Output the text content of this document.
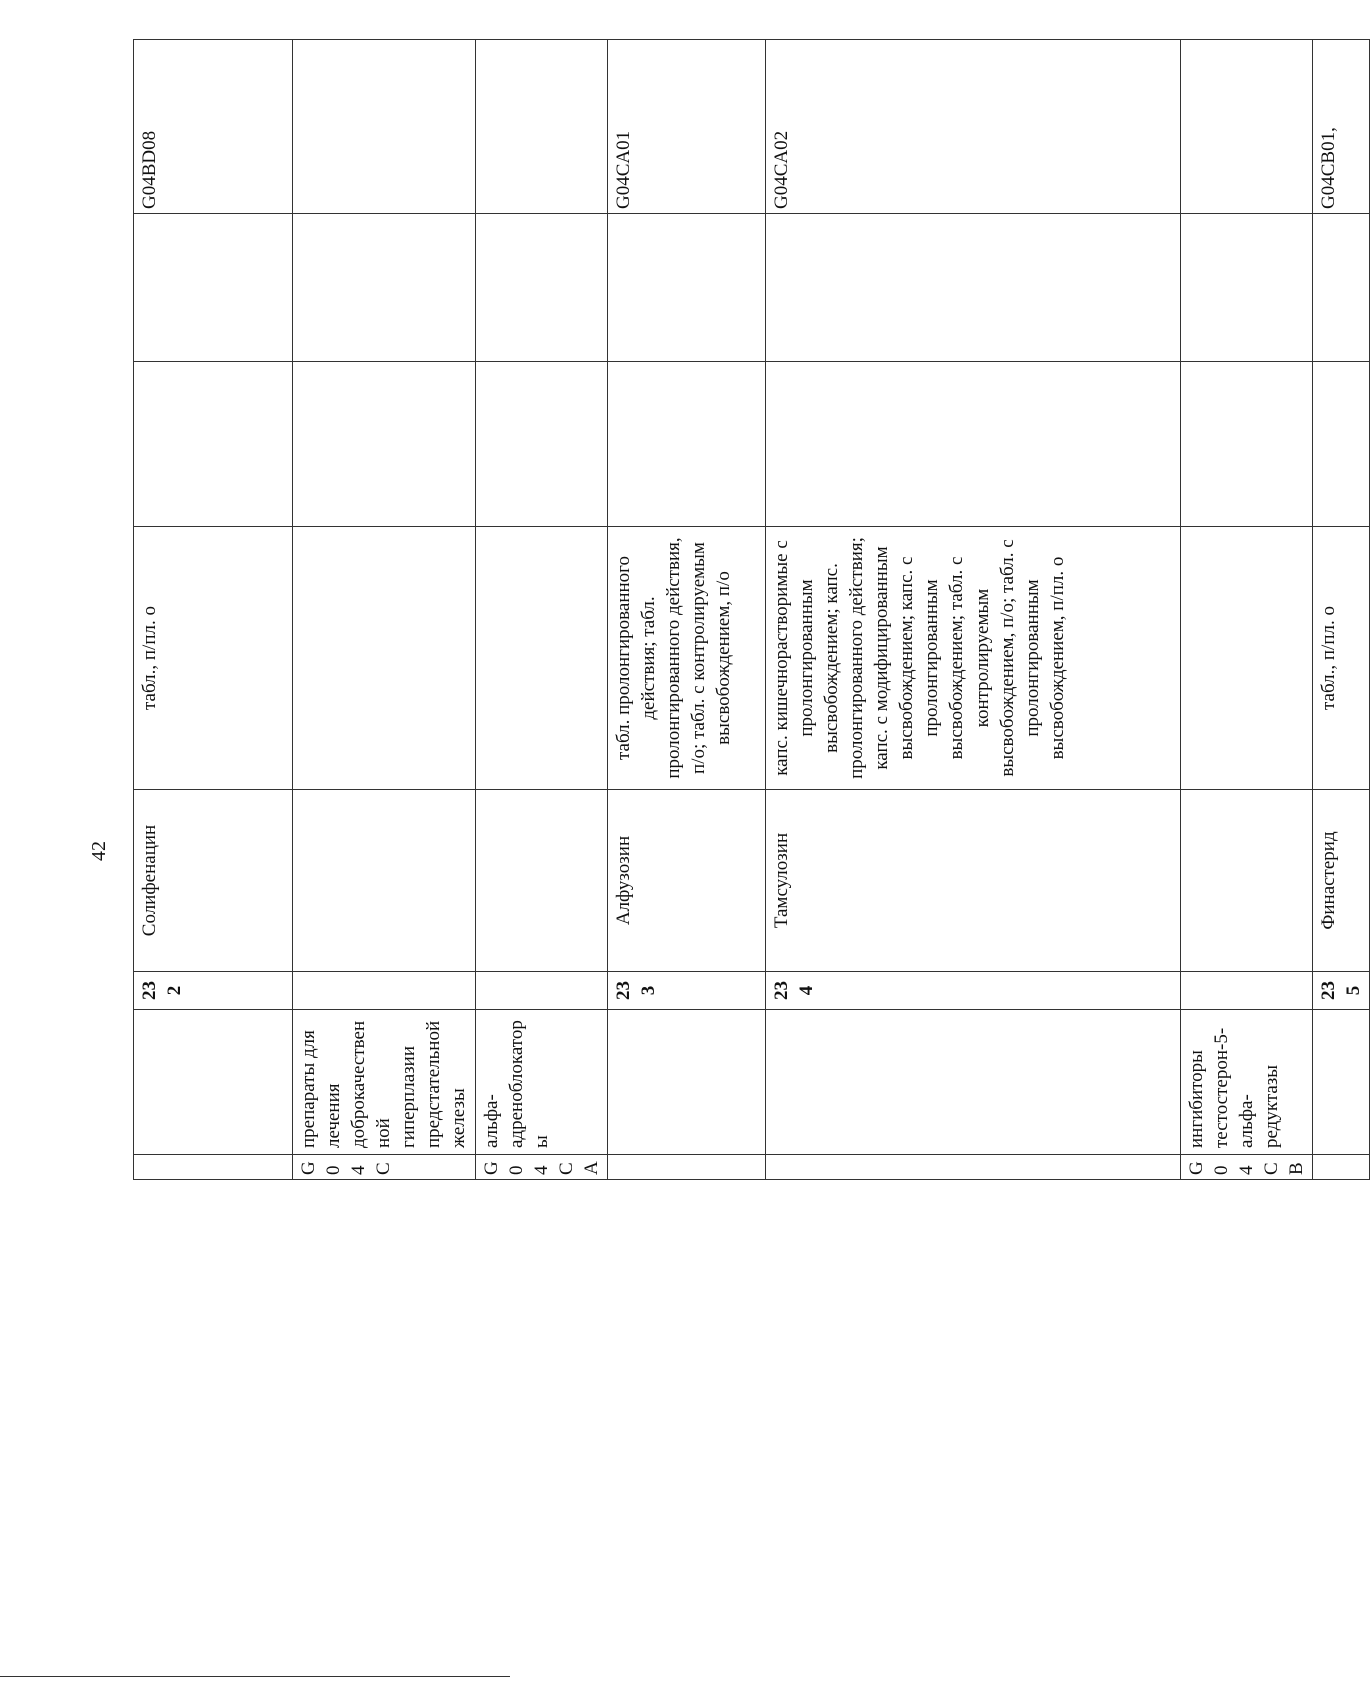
42
		232	Солифенацин	табл., п/пл. о			G04BD08
G04C	препараты для лечения доброкачественной гиперплазии предстательной железы						
G04CA	альфа-адреноблокаторы						
		233	Алфузозин	табл. пролонгированного действия; табл. пролонгированного действия, п/о; табл. с контролируемым высвобождением, п/о			G04CA01
		234	Тамсулозин	капс. кишечнорастворимые с пролонгированным высвобождением; капс. пролонгированного действия; капс. с модифицированным высвобождением; капс. с пролонгированным высвобождением; табл. с контролируемым высвобождением, п/о; табл. с пролонгированным высвобождением, п/пл. о			G04CA02
G04CB	ингибиторы тестостерон-5-альфа-редуктазы						
		235	Финастерид	табл., п/пл. о			G04CB01,
